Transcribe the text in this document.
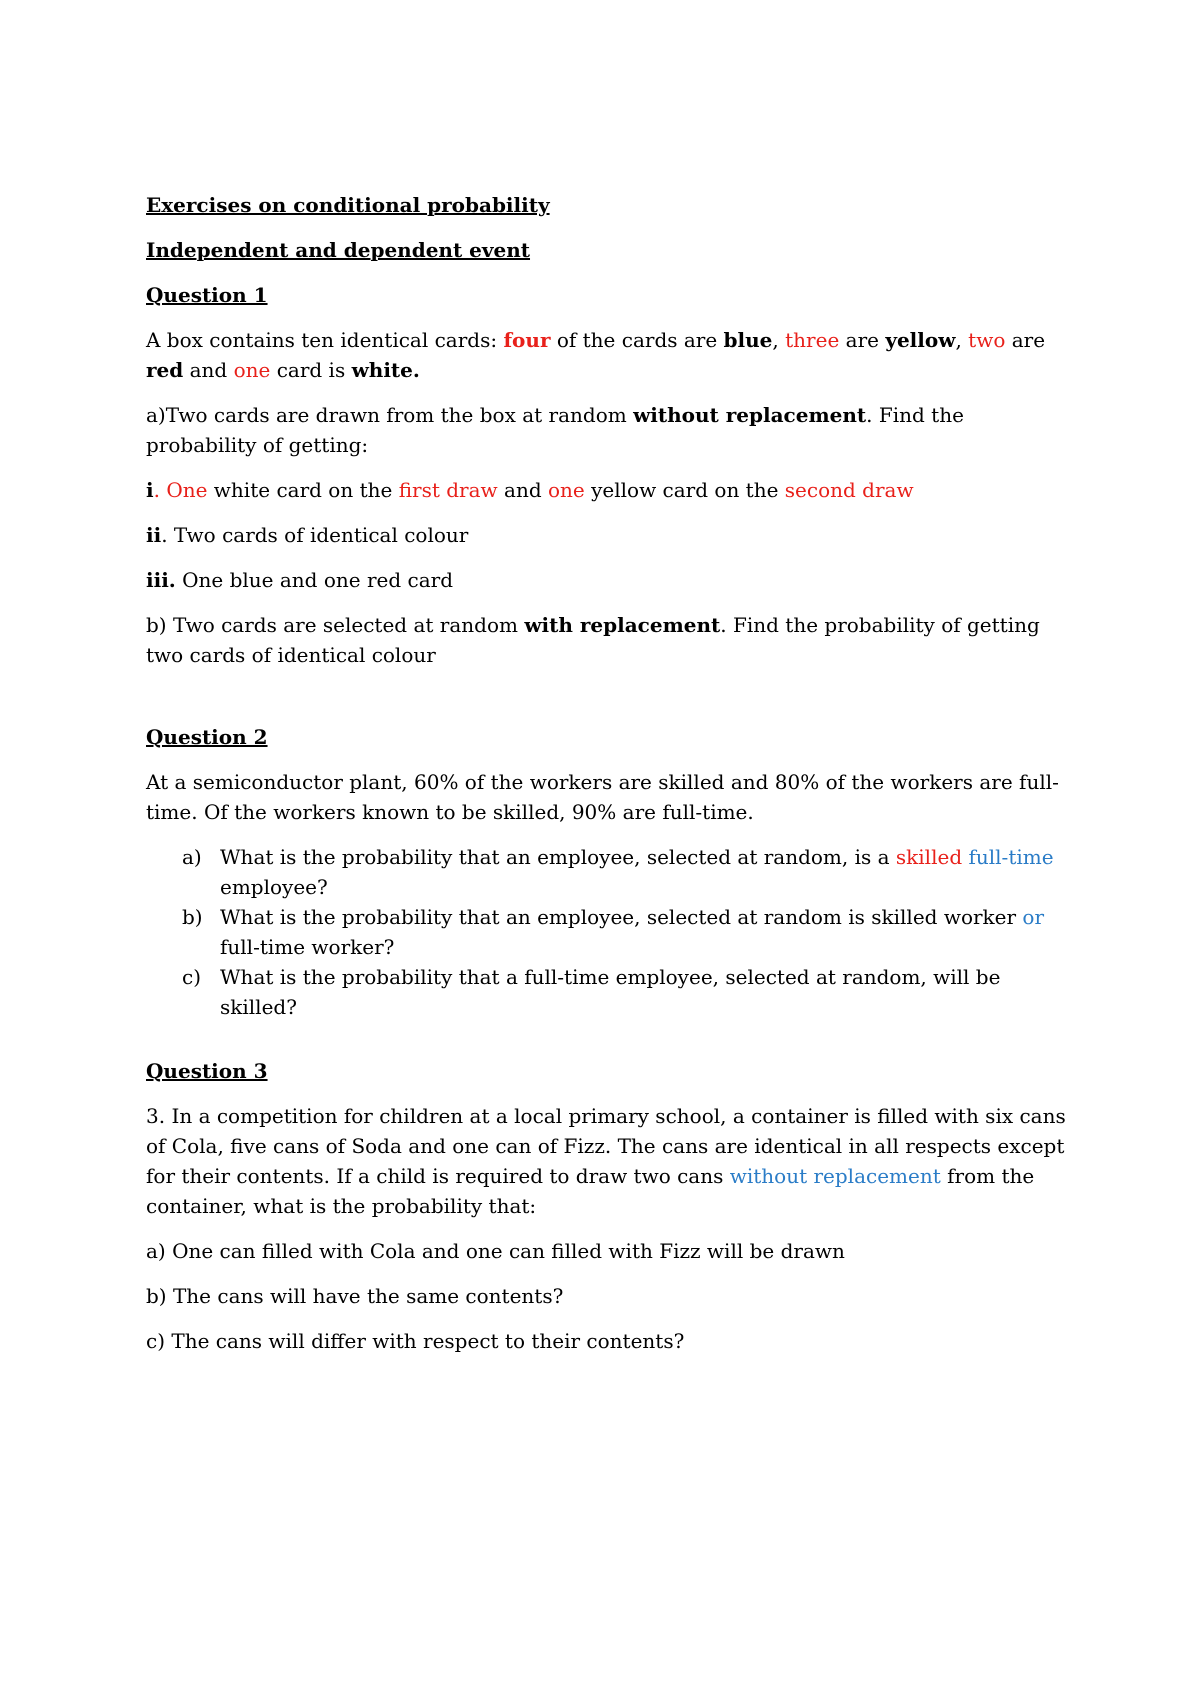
Exercises on conditional probability

Independent and dependent event

Question 1

A box contains ten identical cards: four of the cards are blue, three are yellow, two are red and one card is white.

a)Two cards are drawn from the box at random without replacement. Find the probability of getting:

i. One white card on the first draw and one yellow card on the second draw

ii. Two cards of identical colour

iii. One blue and one red card

b) Two cards are selected at random with replacement. Find the probability of getting two cards of identical colour

Question 2

At a semiconductor plant, 60% of the workers are skilled and 80% of the workers are full-time. Of the workers known to be skilled, 90% are full-time.

a) What is the probability that an employee, selected at random, is a skilled full-time employee?
b) What is the probability that an employee, selected at random is skilled worker or full-time worker?
c) What is the probability that a full-time employee, selected at random, will be skilled?

Question 3

3. In a competition for children at a local primary school, a container is filled with six cans of Cola, five cans of Soda and one can of Fizz. The cans are identical in all respects except for their contents. If a child is required to draw two cans without replacement from the container, what is the probability that:

a) One can filled with Cola and one can filled with Fizz will be drawn

b) The cans will have the same contents?

c) The cans will differ with respect to their contents?
